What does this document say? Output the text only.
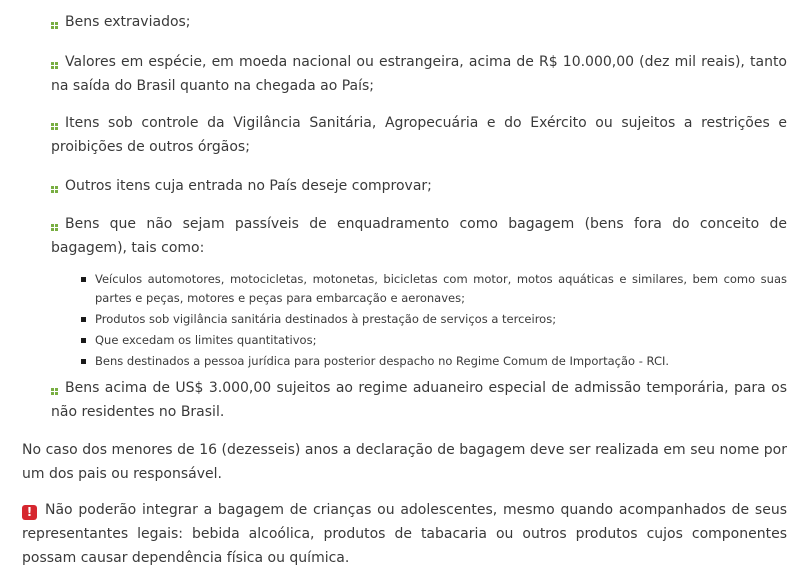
Bens extraviados;
Valores em espécie, em moeda nacional ou estrangeira, acima de R$ 10.000,00 (dez mil reais), tanto na saída do Brasil quanto na chegada ao País;
Itens sob controle da Vigilância Sanitária, Agropecuária e do Exército ou sujeitos a restrições e proibições de outros órgãos;
Outros itens cuja entrada no País deseje comprovar;
Bens que não sejam passíveis de enquadramento como bagagem (bens fora do conceito de bagagem), tais como:
Veículos automotores, motocicletas, motonetas, bicicletas com motor, motos aquáticas e similares, bem como suas partes e peças, motores e peças para embarcação e aeronaves;
Produtos sob vigilância sanitária destinados à prestação de serviços a terceiros;
Que excedam os limites quantitativos;
Bens destinados a pessoa jurídica para posterior despacho no Regime Comum de Importação - RCI.
Bens acima de US$ 3.000,00 sujeitos ao regime aduaneiro especial de admissão temporária, para os não residentes no Brasil.
No caso dos menores de 16 (dezesseis) anos a declaração de bagagem deve ser realizada em seu nome por um dos pais ou responsável.
! Não poderão integrar a bagagem de crianças ou adolescentes, mesmo quando acompanhados de seus representantes legais: bebida alcoólica, produtos de tabacaria ou outros produtos cujos componentes possam causar dependência física ou química.
